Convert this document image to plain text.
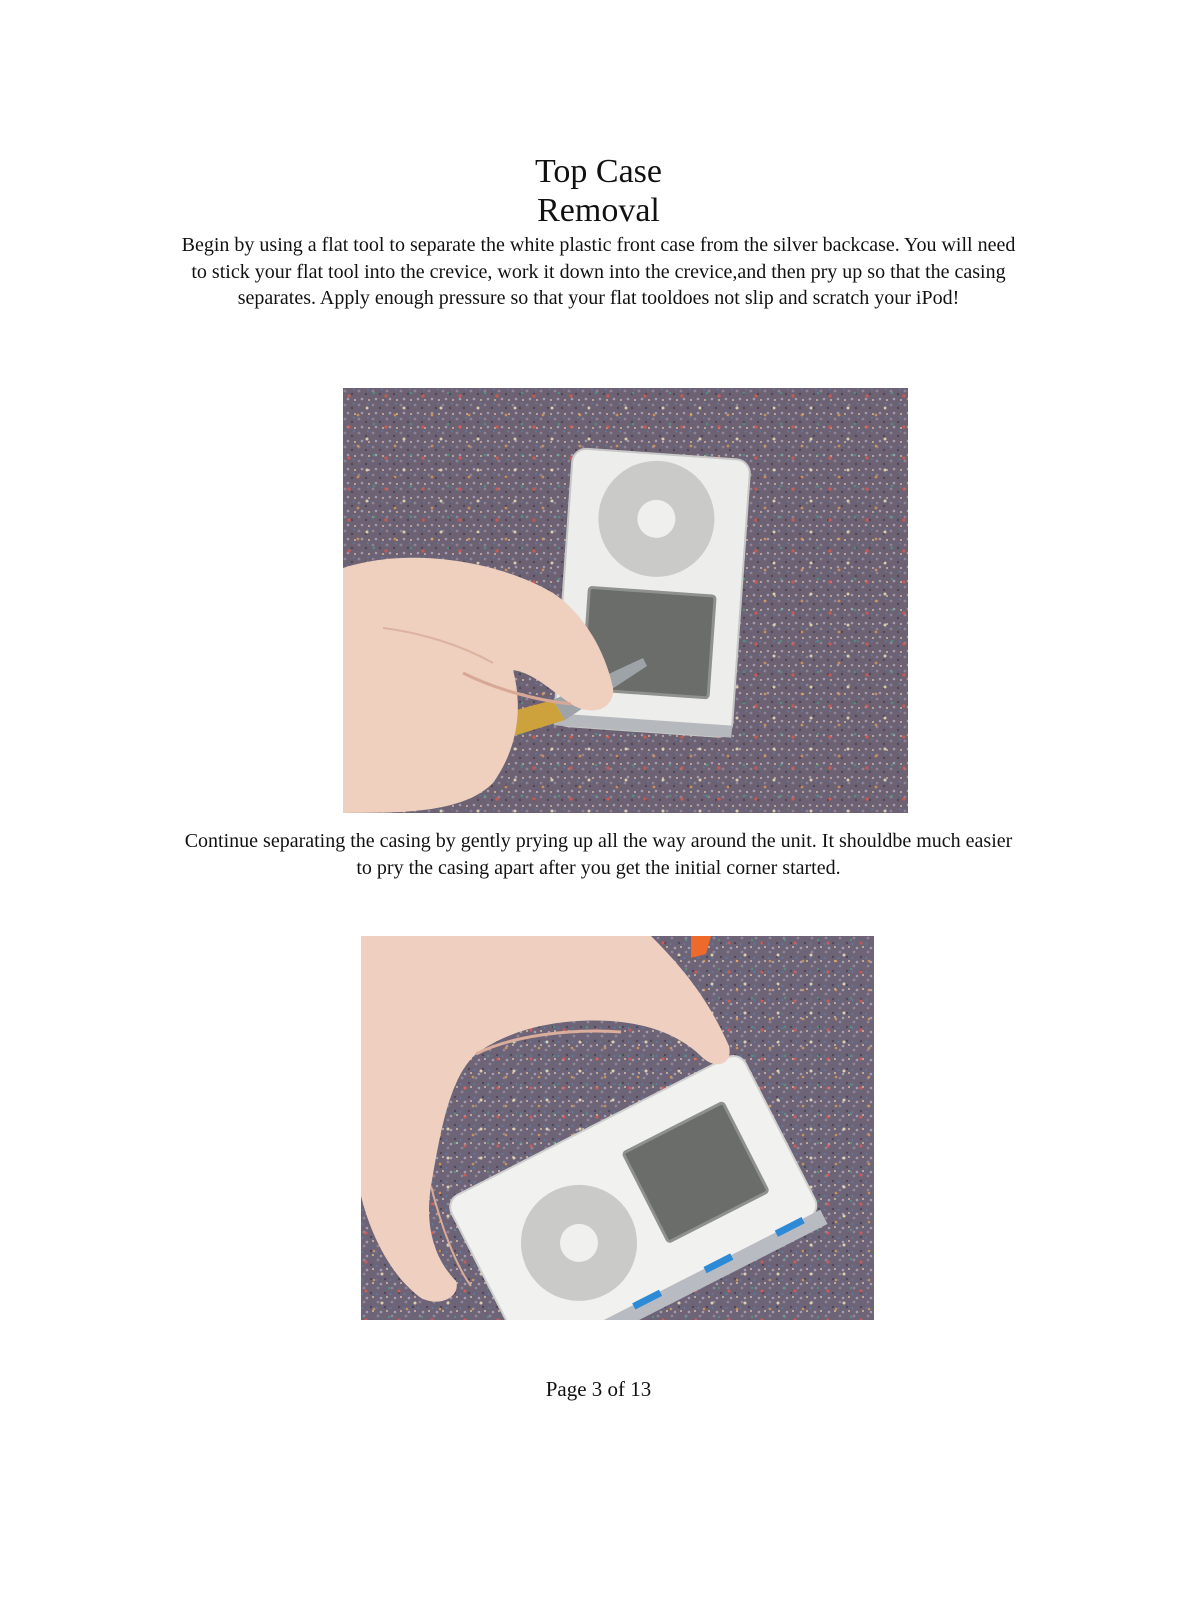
Top Case
Removal

Begin by using a flat tool to separate the white plastic front case from the silver backcase. You will need to stick your flat tool into the crevice, work it down into the crevice,and then pry up so that the casing separates. Apply enough pressure so that your flat tooldoes not slip and scratch your iPod!

Continue separating the casing by gently prying up all the way around the unit. It shouldbe much easier to pry the casing apart after you get the initial corner started.

Page 3 of 13
